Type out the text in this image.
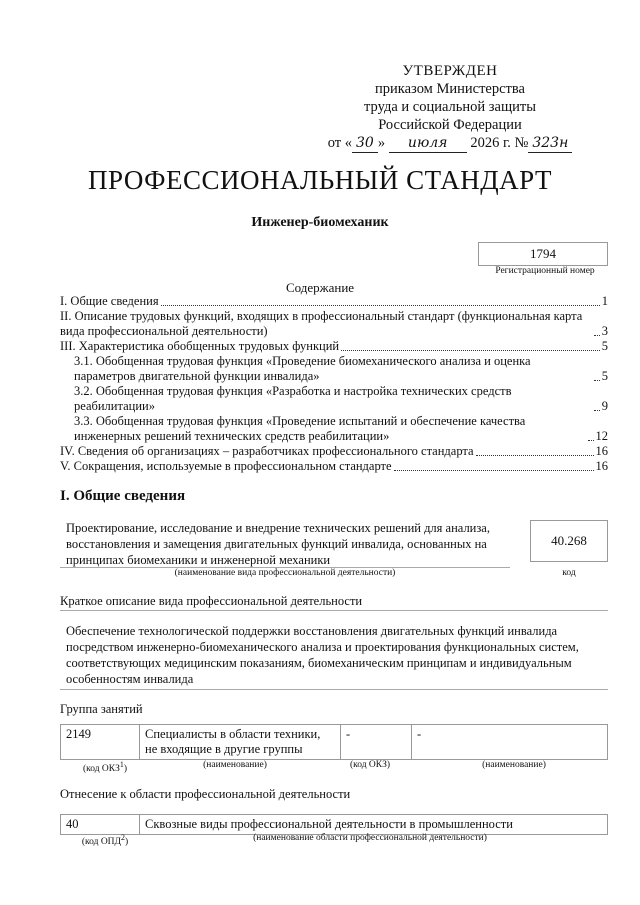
УТВЕРЖДЕН
приказом Министерства
труда и социальной защиты
Российской Федерации
от « 30 » июля 2026 г. № 323н
ПРОФЕССИОНАЛЬНЫЙ СТАНДАРТ
Инженер-биомеханик
1794
Регистрационный номер
Содержание
I. Общие сведения	1
II. Описание трудовых функций, входящих в профессиональный стандарт (функциональная карта вида профессиональной деятельности)	3
III. Характеристика обобщенных трудовых функций	5
3.1. Обобщенная трудовая функция «Проведение биомеханического анализа и оценка параметров двигательной функции инвалида»	5
3.2. Обобщенная трудовая функция «Разработка и настройка технических средств реабилитации»	9
3.3. Обобщенная трудовая функция «Проведение испытаний и обеспечение качества инженерных решений технических средств реабилитации»	12
IV. Сведения об организациях – разработчиках профессионального стандарта	16
V. Сокращения, используемые в профессиональном стандарте	16
I. Общие сведения
Проектирование, исследование и внедрение технических решений для анализа, восстановления и замещения двигательных функций инвалида, основанных на принципах биомеханики и инженерной механики
(наименование вида профессиональной деятельности)
40.268
код
Краткое описание вида профессиональной деятельности
Обеспечение технологической поддержки восстановления двигательных функций инвалида посредством инженерно-биомеханического анализа и проектирования функциональных систем, соответствующих медицинским показаниям, биомеханическим принципам и индивидуальным особенностям инвалида
Группа занятий
2149	Специалисты в области техники, не входящие в другие группы	-	-
(код ОКЗ$^1$)	(наименование)	(код ОКЗ)	(наименование)
Отнесение к области профессиональной деятельности
40	Сквозные виды профессиональной деятельности в промышленности
(код ОПД$^2$)	(наименование области профессиональной деятельности)
